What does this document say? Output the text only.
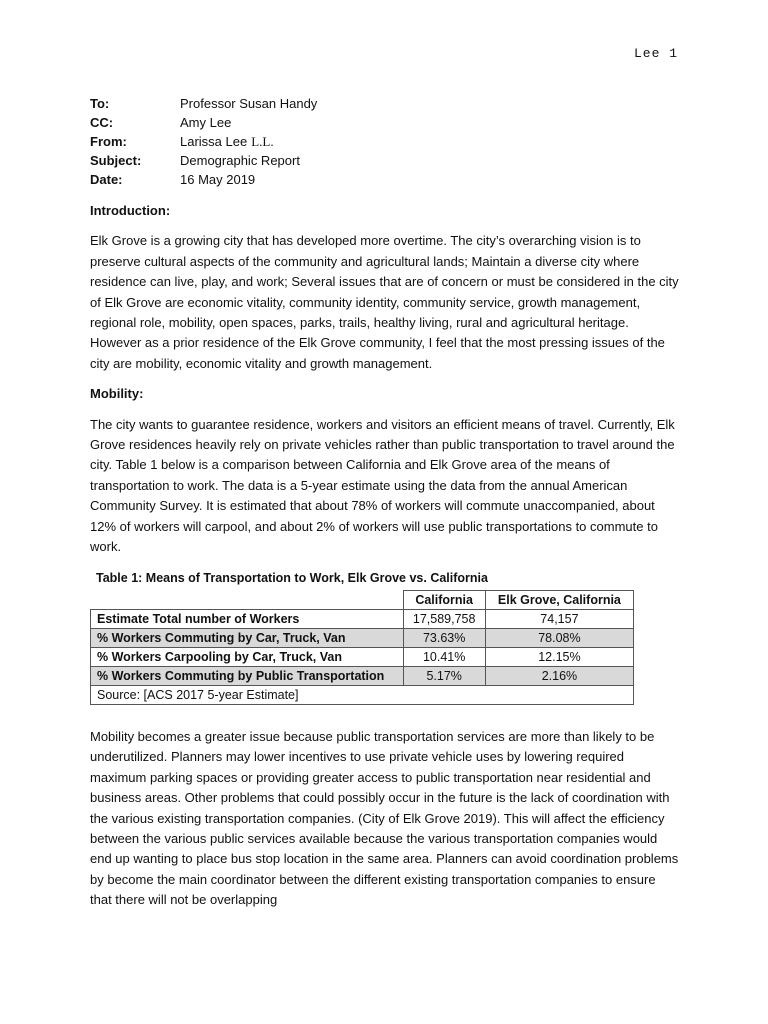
Lee 1
To:	Professor Susan Handy
CC:	Amy Lee
From:	Larissa Lee L.L.
Subject:	Demographic Report
Date:	16 May 2019
Introduction:

Elk Grove is a growing city that has developed more overtime. The city’s overarching vision is to preserve cultural aspects of the community and agricultural lands; Maintain a diverse city where residence can live, play, and work; Several issues that are of concern or must be considered in the city of Elk Grove are economic vitality, community identity, community service, growth management, regional role, mobility, open spaces, parks, trails, healthy living, rural and agricultural heritage. However as a prior residence of the Elk Grove community, I feel that the most pressing issues of the city are mobility, economic vitality and growth management.

Mobility:

The city wants to guarantee residence, workers and visitors an efficient means of travel. Currently, Elk Grove residences heavily rely on private vehicles rather than public transportation to travel around the city. Table 1 below is a comparison between California and Elk Grove area of the means of transportation to work. The data is a 5-year estimate using the data from the annual American Community Survey. It is estimated that about 78% of workers will commute unaccompanied, about 12% of workers will carpool, and about 2% of workers will use public transportations to commute to work.

Table 1: Means of Transportation to Work, Elk Grove vs. California
	California	Elk Grove, California
Estimate Total number of Workers	17,589,758	74,157
% Workers Commuting by Car, Truck, Van	73.63%	78.08%
% Workers Carpooling by Car, Truck, Van	10.41%	12.15%
% Workers Commuting by Public Transportation	5.17%	2.16%
Source: [ACS 2017 5-year Estimate]		

Mobility becomes a greater issue because public transportation services are more than likely to be underutilized. Planners may lower incentives to use private vehicle uses by lowering required maximum parking spaces or providing greater access to public transportation near residential and business areas. Other problems that could possibly occur in the future is the lack of coordination with the various existing transportation companies. (City of Elk Grove 2019). This will affect the efficiency between the various public services available because the various transportation companies would end up wanting to place bus stop location in the same area. Planners can avoid coordination problems by become the main coordinator between the different existing transportation companies to ensure that there will not be overlapping
